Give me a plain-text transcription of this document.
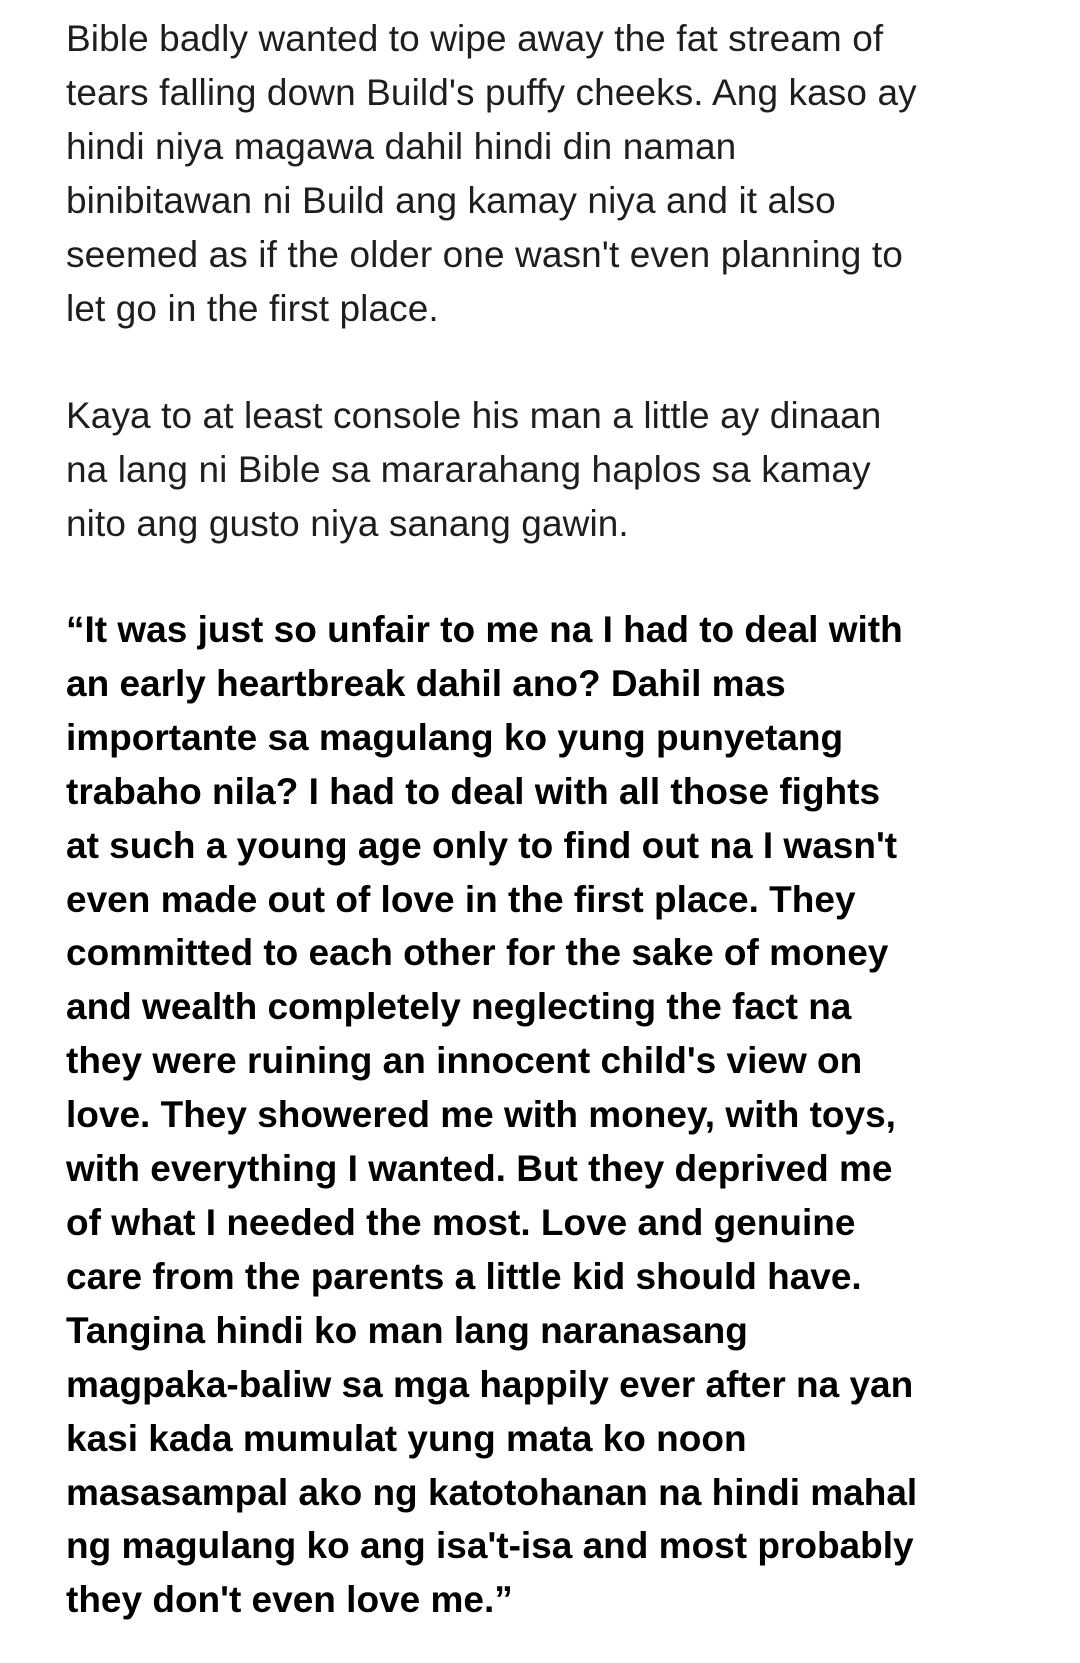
Bible badly wanted to wipe away the fat stream of
tears falling down Build's puffy cheeks. Ang kaso ay
hindi niya magawa dahil hindi din naman
binibitawan ni Build ang kamay niya and it also
seemed as if the older one wasn't even planning to
let go in the first place.

Kaya to at least console his man a little ay dinaan
na lang ni Bible sa mararahang haplos sa kamay
nito ang gusto niya sanang gawin.

“It was just so unfair to me na I had to deal with
an early heartbreak dahil ano? Dahil mas
importante sa magulang ko yung punyetang
trabaho nila? I had to deal with all those fights
at such a young age only to find out na I wasn't
even made out of love in the first place. They
committed to each other for the sake of money
and wealth completely neglecting the fact na
they were ruining an innocent child's view on
love. They showered me with money, with toys,
with everything I wanted. But they deprived me
of what I needed the most. Love and genuine
care from the parents a little kid should have.
Tangina hindi ko man lang naranasang
magpaka-baliw sa mga happily ever after na yan
kasi kada mumulat yung mata ko noon
masasampal ako ng katotohanan na hindi mahal
ng magulang ko ang isa't-isa and most probably
they don't even love me.”
